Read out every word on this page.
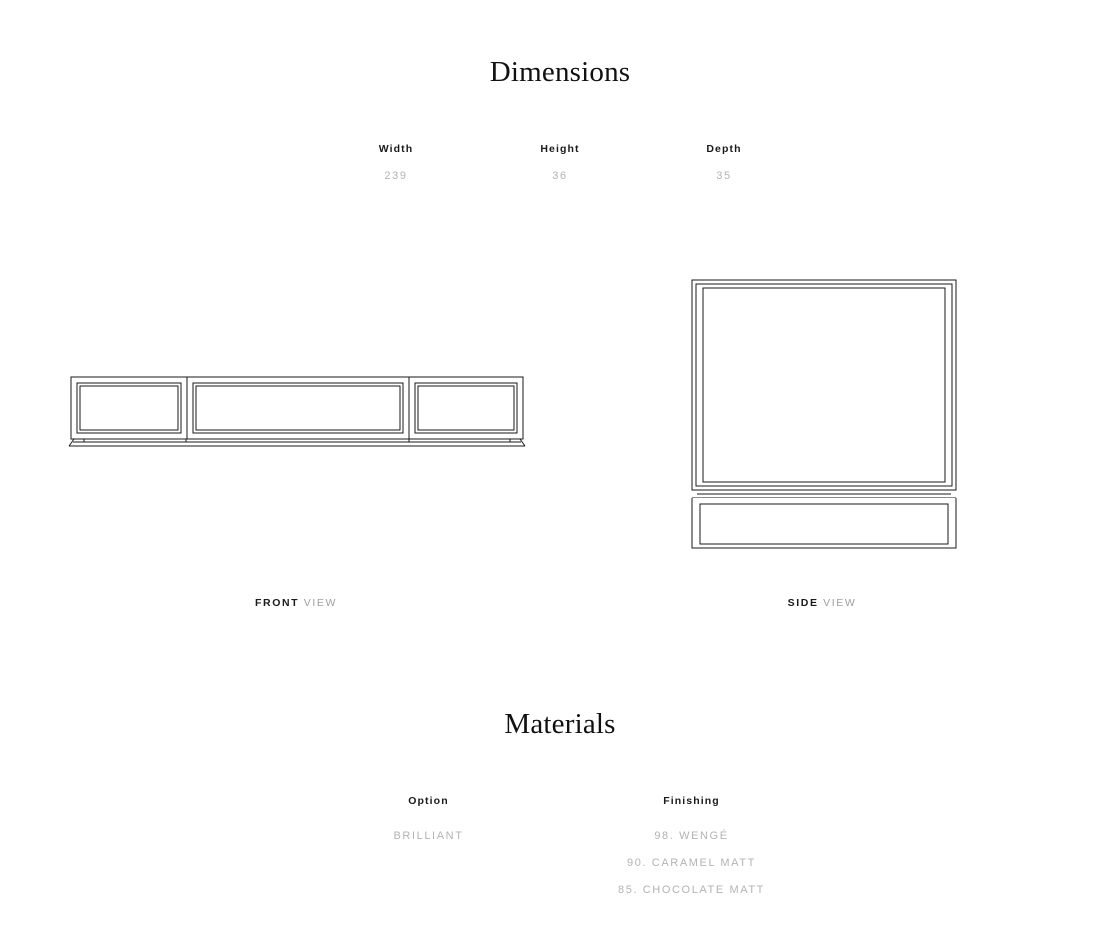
Dimensions
Width
239
Height
36
Depth
35
FRONT VIEW	SIDE VIEW
Materials
Option
BRILLIANT
Finishing
98. WENGÉ
90. CARAMEL MATT
85. CHOCOLATE MATT
